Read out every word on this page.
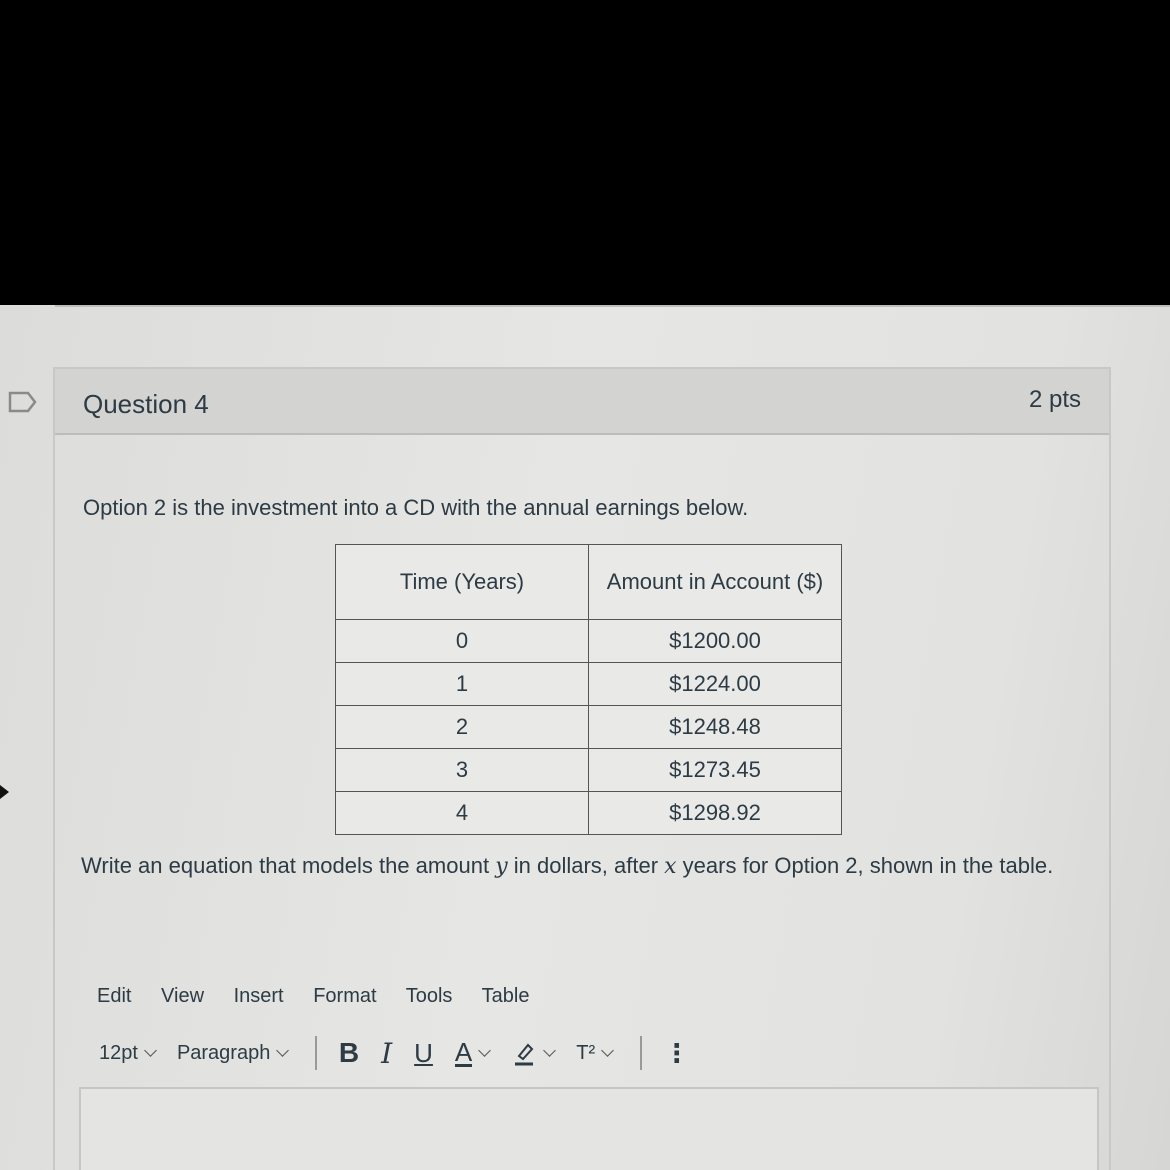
Question 4	2 pts
Option 2 is the investment into a CD with the annual earnings below.
Time (Years)	Amount in Account ($)
0	$1200.00
1	$1224.00
2	$1248.48
3	$1273.45
4	$1298.92
Write an equation that models the amount y in dollars, after x years for Option 2, shown in the table.
Edit View Insert Format Tools Table
12pt Paragraph B I U A	T²	⋮
